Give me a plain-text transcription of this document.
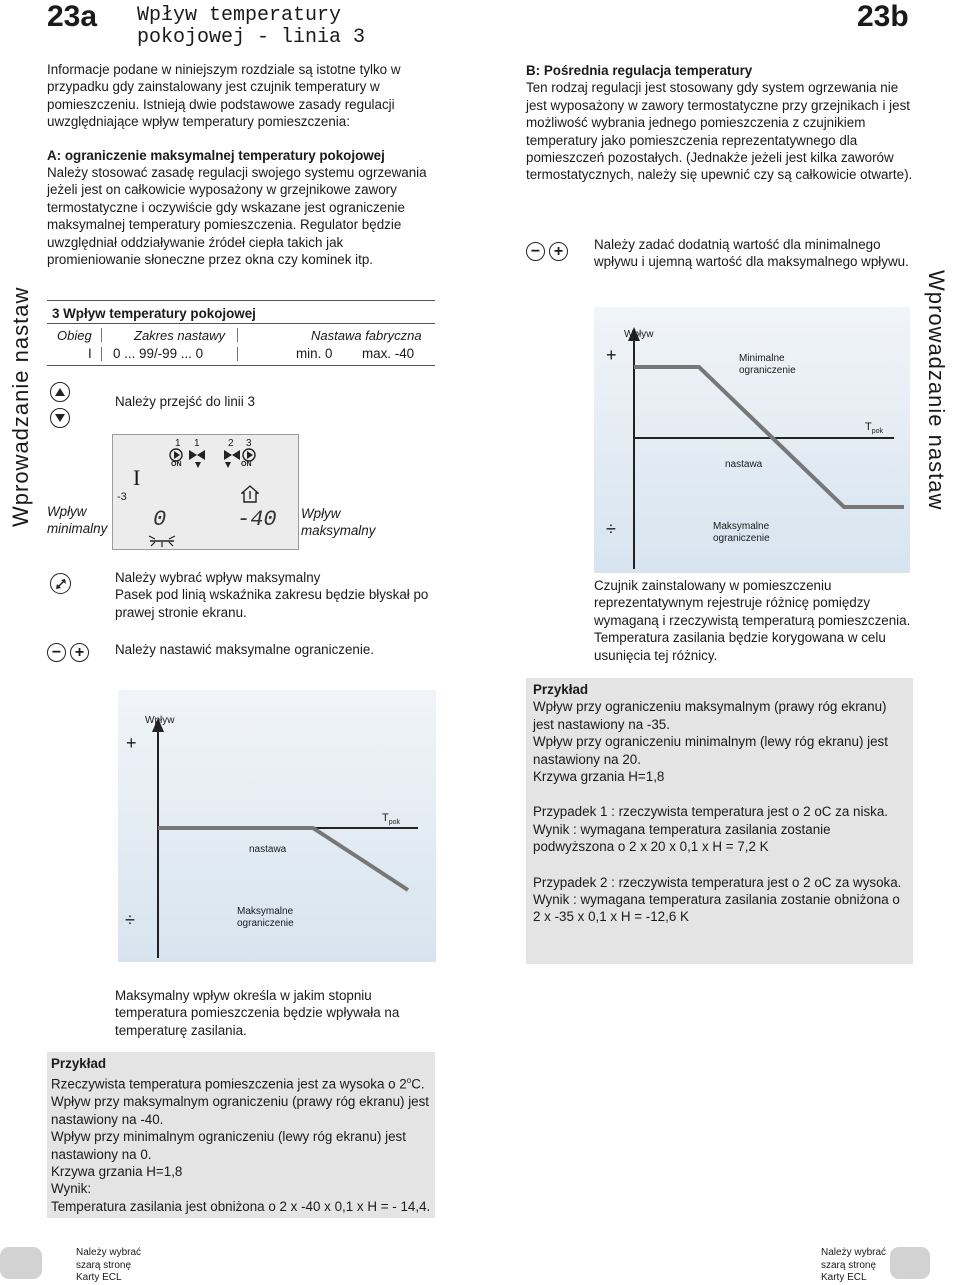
23a Wpływ temperatury
pokojowej - linia 3
23b
Wprowadzanie nastaw	Wprowadzanie nastaw

Informacje podane w niniejszym rozdziale są istotne tylko w przypadku gdy zainstalowany jest czujnik temperatury w pomieszczeniu. Istnieją dwie podstawowe zasady regulacji uwzględniające wpływ temperatury pomieszczenia:

A: ograniczenie maksymalnej temperatury pokojowej

Należy stosować zasadę regulacji swojego systemu ogrzewania jeżeli jest on całkowicie wyposażony w grzejnikowe zawory termostatyczne i oczywiście gdy wskazane jest ograniczenie maksymalnej temperatury pomieszczenia. Regulator będzie uwzględniał oddziaływanie źródeł ciepła takich jak promieniowanie słoneczne przez okna czy kominek itp.

3 Wpływ temperatury pokojowej
Obieg	Zakres nastawy	Nastawa fabryczna
I 0 ... 99/-99 ... 0	min. 0 max. -40
Należy przejść do linii 3
1 1	2 3
ON	ON
I
0	-40
-3
Wpływ minimalny
Wpływ maksymalny

Należy wybrać wpływ maksymalny

Pasek pod linią wskaźnika zakresu będzie błyskał po prawej stronie ekranu.

− + Należy nastawić maksymalne ograniczenie.
Wpływ
+
÷
$T_{pok}$
nastawa
Maksymalne
ograniczenie

Maksymalny wpływ określa w jakim stopniu temperatura pomieszczenia będzie wpływała na temperaturę zasilania.

Przykład

Rzeczywista temperatura pomieszczenia jest za wysoka o 2$^o$C.

Wpływ przy maksymalnym ograniczeniu (prawy róg ekranu) jest nastawiony na -40.

Wpływ przy minimalnym ograniczeniu (lewy róg ekranu) jest nastawiony na 0.

Krzywa grzania H=1,8

Wynik:

Temperatura zasilania jest obniżona o 2 x -40 x 0,1 x H = - 14,4.

B: Pośrednia regulacja temperatury

Ten rodzaj regulacji jest stosowany gdy system ogrzewania nie jest wyposażony w zawory termostatyczne przy grzejnikach i jest możliwość wybrania jednego pomieszczenia z czujnikiem temperatury jako pomieszczenia reprezentatywnego dla pomieszczeń pozostałych. (Jednakże jeżeli jest kilka zaworów termostatycznych, należy się upewnić czy są całkowicie otwarte).

− + Należy zadać dodatnią wartość dla minimalnego wpływu i ujemną wartość dla maksymalnego wpływu.

Wpływ
+
÷
Minimalne
ograniczenie
$T_{pok}$
nastawa
Maksymalne
ograniczenie

Czujnik zainstalowany w pomieszczeniu reprezentatywnym rejestruje różnicę pomiędzy wymaganą i rzeczywistą temperaturą pomieszczenia. Temperatura zasilania będzie korygowana w celu usunięcia tej różnicy.

Przykład

Wpływ przy ograniczeniu maksymalnym (prawy róg ekranu) jest nastawiony na -35.

Wpływ przy ograniczeniu minimalnym (lewy róg ekranu) jest nastawiony na 20.

Krzywa grzania H=1,8

Przypadek 1 : rzeczywista temperatura jest o 2 oC za niska.

Wynik : wymagana temperatura zasilania zostanie podwyższona o 2 x 20 x 0,1 x H = 7,2 K

Przypadek 2 : rzeczywista temperatura jest o 2 oC za wysoka.

Wynik : wymagana temperatura zasilania zostanie obniżona o 2 x -35 x 0,1 x H = -12,6 K

Należy wybrać
szarą stronę
Karty ECL
Należy wybrać
szarą stronę
Karty ECL
